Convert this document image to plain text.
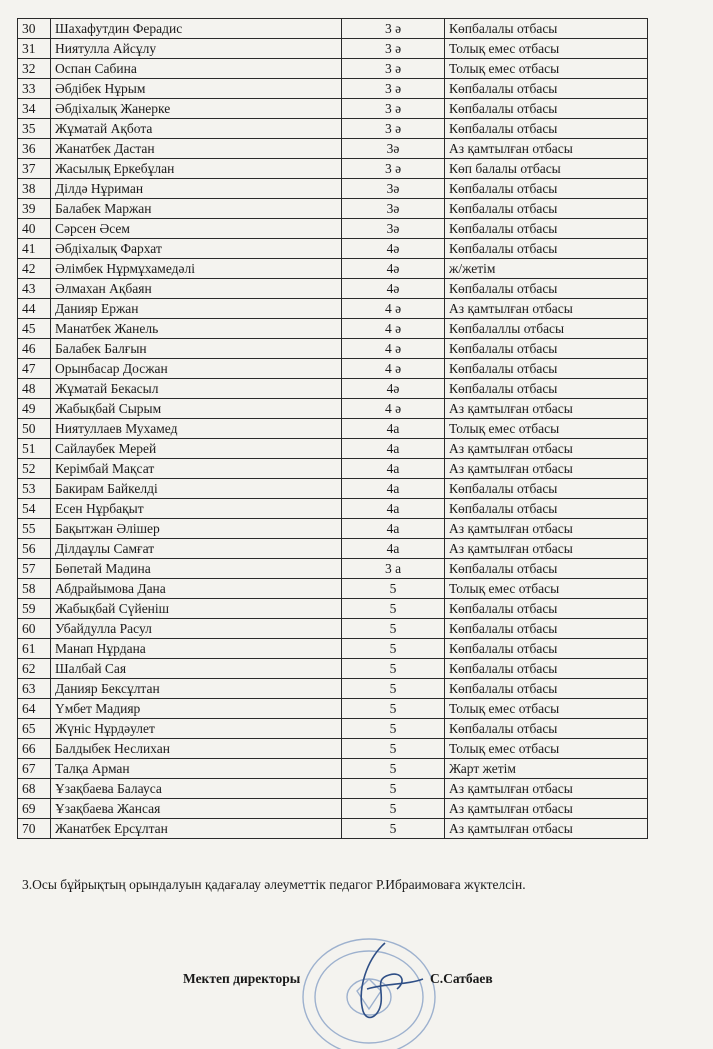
30	Шахафутдин Ферадис	3 ә	Көпбалалы отбасы
31	Ниятулла Айсұлу	3 ә	Толық емес отбасы
32	Оспан Сабина	3 ә	Толық емес отбасы
33	Әбдібек Нұрым	3 ә	Көпбалалы отбасы
34	Әбдіхалық Жанерке	3 ә	Көпбалалы отбасы
35	Жұматай Ақбота	3 ә	Көпбалалы отбасы
36	Жанатбек Дастан	3ә	Аз қамтылған отбасы
37	Жасылық Еркебұлан	3 ә	Көп балалы отбасы
38	Ділдә Нұриман	3ә	Көпбалалы отбасы
39	Балабек Маржан	3ә	Көпбалалы отбасы
40	Сәрсен Әсем	3ә	Көпбалалы отбасы
41	Әбдіхалық Фархат	4ә	Көпбалалы отбасы
42	Әлімбек Нұрмұхамедәлі	4ә	ж/жетім
43	Әлмахан Ақбаян	4ә	Көпбалалы отбасы
44	Данияр Ержан	4 ә	Аз қамтылған отбасы
45	Манатбек Жанель	4 ә	Көпбалаллы отбасы
46	Балабек Балғын	4 ә	Көпбалалы отбасы
47	Орынбасар Досжан	4 ә	Көпбалалы отбасы
48	Жұматай Бекасыл	4ә	Көпбалалы отбасы
49	Жабықбай Сырым	4 ә	Аз қамтылған отбасы
50	Ниятуллаев Мухамед	4а	Толық емес отбасы
51	Сайлаубек Мерей	4а	Аз қамтылған отбасы
52	Керімбай Мақсат	4а	Аз қамтылған отбасы
53	Бакирам Байкелді	4а	Көпбалалы отбасы
54	Есен Нұрбақыт	4а	Көпбалалы отбасы
55	Бақытжан Әлішер	4а	Аз қамтылған отбасы
56	Ділдаұлы Самғат	4а	Аз қамтылған отбасы
57	Бөпетай Мадина	3 а	Көпбалалы отбасы
58	Абдрайымова Дана	5	Толық емес отбасы
59	Жабықбай Сүйеніш	5	Көпбалалы отбасы
60	Убайдулла Расул	5	Көпбалалы отбасы
61	Манап Нұрдана	5	Көпбалалы отбасы
62	Шалбай Сая	5	Көпбалалы отбасы
63	Данияр Бексұлтан	5	Көпбалалы отбасы
64	Үмбет Мадияр	5	Толық емес отбасы
65	Жүніс Нұрдәулет	5	Көпбалалы отбасы
66	Балдыбек Неслихан	5	Толық емес отбасы
67	Талқа Арман	5	Жарт жетім
68	Ұзақбаева Балауса	5	Аз қамтылған отбасы
69	Ұзақбаева Жансая	5	Аз қамтылған отбасы
70	Жанатбек Ерсұлтан	5	Аз қамтылған отбасы
3.Осы бұйрықтың орындалуын қадағалау әлеуметтік педагог Р.Ибраимоваға жүктелсін.
Мектеп директоры	С.Сатбаев
